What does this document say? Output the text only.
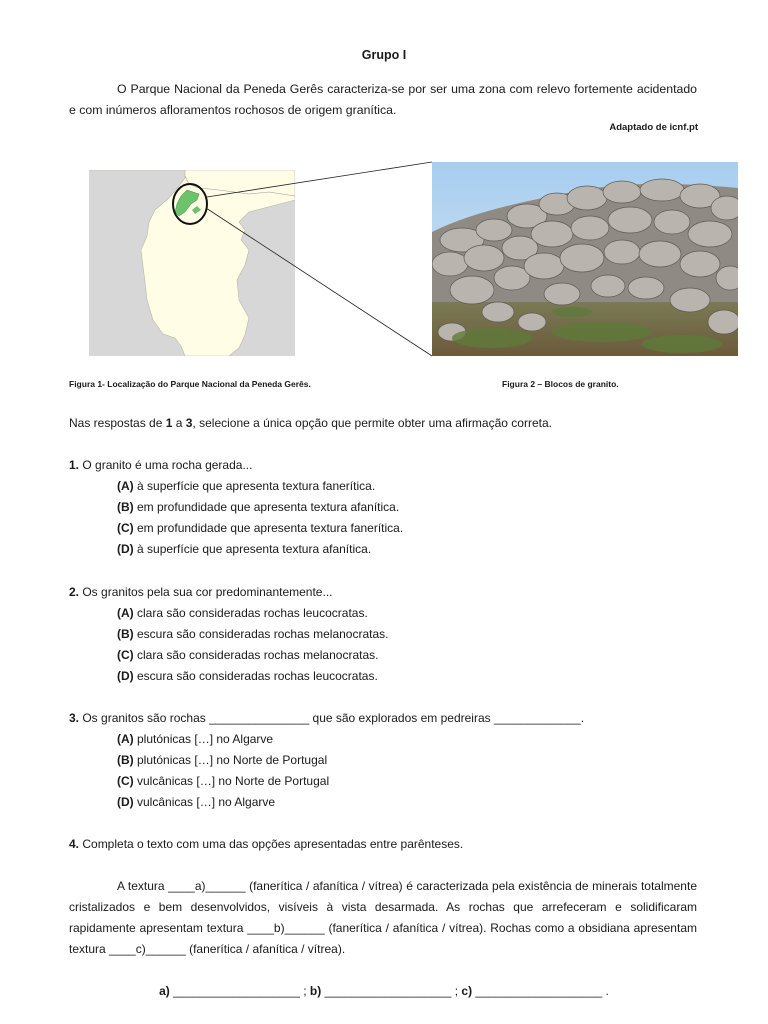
Grupo I

O Parque Nacional da Peneda Gerês caracteriza-se por ser uma zona com relevo fortemente acidentado e com inúmeros afloramentos rochosos de origem granítica.

Adaptado de icnf.pt
Figura 1- Localização do Parque Nacional da Peneda Gerês.	Figura 2 – Blocos de granito.
Nas respostas de 1 a 3, selecione a única opção que permite obter uma afirmação correta.
1. O granito é uma rocha gerada...
(A) à superfície que apresenta textura fanerítica.
(B) em profundidade que apresenta textura afanítica.
(C) em profundidade que apresenta textura fanerítica.
(D) à superfície que apresenta textura afanítica.
2. Os granitos pela sua cor predominantemente...
(A) clara são consideradas rochas leucocratas.
(B) escura são consideradas rochas melanocratas.
(C) clara são consideradas rochas melanocratas.
(D) escura são consideradas rochas leucocratas.
3. Os granitos são rochas _______________ que são explorados em pedreiras _____________.
(A) plutónicas […] no Algarve
(B) plutónicas […] no Norte de Portugal
(C) vulcânicas […] no Norte de Portugal
(D) vulcânicas […] no Algarve
4. Completa o texto com uma das opções apresentadas entre parênteses.

A textura ____a)______ (fanerítica / afanítica / vítrea) é caracterizada pela existência de minerais totalmente cristalizados e bem desenvolvidos, visíveis à vista desarmada. As rochas que arrefeceram e solidificaram rapidamente apresentam textura ____b)______ (fanerítica / afanítica / vítrea). Rochas como a obsidiana apresentam textura ____c)______ (fanerítica / afanítica / vítrea).

a) ___________________ ; b) ___________________ ; c) ___________________ .
